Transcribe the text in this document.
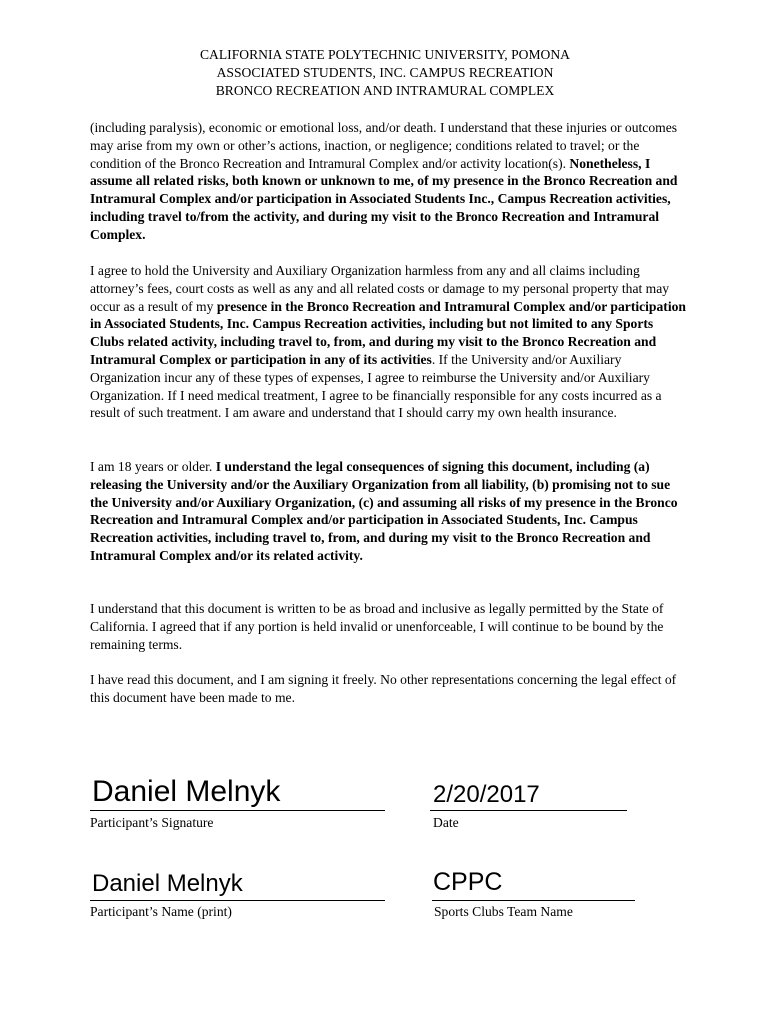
CALIFORNIA STATE POLYTECHNIC UNIVERSITY, POMONA
ASSOCIATED STUDENTS, INC. CAMPUS RECREATION
BRONCO RECREATION AND INTRAMURAL COMPLEX

(including paralysis), economic or emotional loss, and/or death. I understand that these injuries or outcomes may arise from my own or other’s actions, inaction, or negligence; conditions related to travel; or the condition of the Bronco Recreation and Intramural Complex and/or activity location(s). Nonetheless, I assume all related risks, both known or unknown to me, of my presence in the Bronco Recreation and Intramural Complex and/or participation in Associated Students Inc., Campus Recreation activities, including travel to/from the activity, and during my visit to the Bronco Recreation and Intramural Complex.

I agree to hold the University and Auxiliary Organization harmless from any and all claims including attorney’s fees, court costs as well as any and all related costs or damage to my personal property that may occur as a result of my presence in the Bronco Recreation and Intramural Complex and/or participation in Associated Students, Inc. Campus Recreation activities, including but not limited to any Sports Clubs related activity, including travel to, from, and during my visit to the Bronco Recreation and Intramural Complex or participation in any of its activities. If the University and/or Auxiliary Organization incur any of these types of expenses, I agree to reimburse the University and/or Auxiliary Organization. If I need medical treatment, I agree to be financially responsible for any costs incurred as a result of such treatment. I am aware and understand that I should carry my own health insurance.

I am 18 years or older. I understand the legal consequences of signing this document, including (a) releasing the University and/or the Auxiliary Organization from all liability, (b) promising not to sue the University and/or Auxiliary Organization, (c) and assuming all risks of my presence in the Bronco Recreation and Intramural Complex and/or participation in Associated Students, Inc. Campus Recreation activities, including travel to, from, and during my visit to the Bronco Recreation and Intramural Complex and/or its related activity.

I understand that this document is written to be as broad and inclusive as legally permitted by the State of California. I agreed that if any portion is held invalid or unenforceable, I will continue to be bound by the remaining terms.

I have read this document, and I am signing it freely. No other representations concerning the legal effect of this document have been made to me.

Daniel Melnyk
Participant’s Signature
2/20/2017
Date
Daniel Melnyk
Participant’s Name (print)
CPPC
Sports Clubs Team Name
